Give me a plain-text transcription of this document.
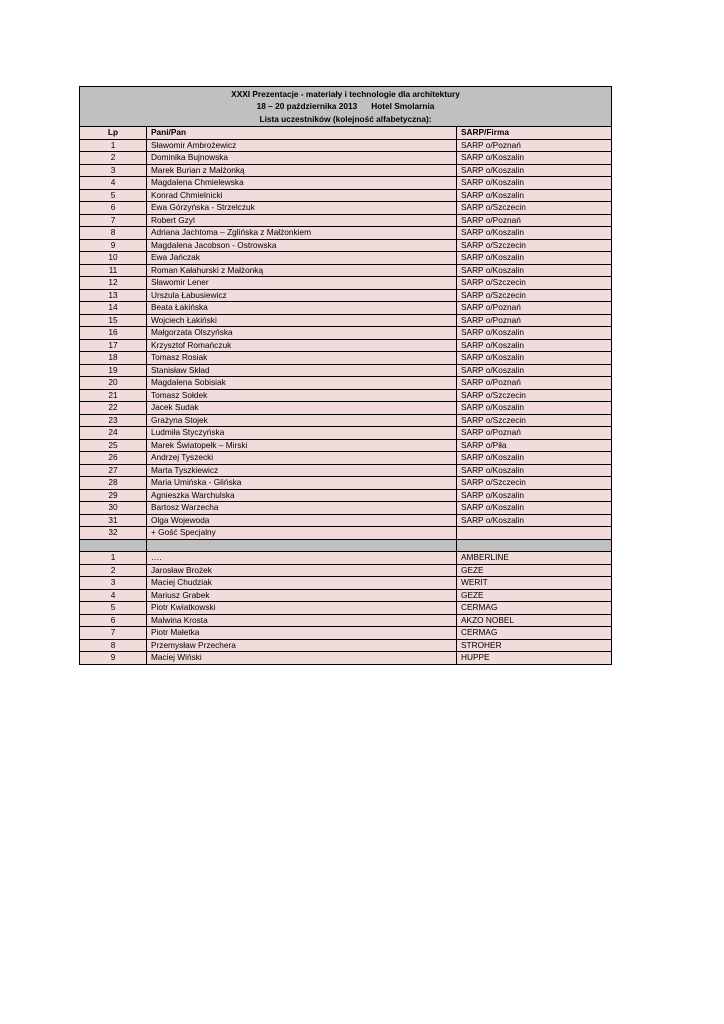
XXXI Prezentacje - materiały i technologie dla architektury
18 – 20 października 2013 Hotel Smolarnia
Lista uczestników (kolejność alfabetyczna):		

Lp	Pani/Pan	SARP/Firma
1	Sławomir Ambrożewicz	SARP o/Poznań
2	Dominika Bujnowska	SARP o/Koszalin
3	Marek Burian z Małżonką	SARP o/Koszalin
4	Magdalena Chmielewska	SARP o/Koszalin
5	Konrad Chmielnicki	SARP o/Koszalin
6	Ewa Górzyńska - Strzelczuk	SARP o/Szczecin
7	Robert Gzyl	SARP o/Poznań
8	Adriana Jachtoma – Zglińska z Małżonkiem	SARP o/Koszalin
9	Magdalena Jacobson - Ostrowska	SARP o/Szczecin
10	Ewa Jańczak	SARP o/Koszalin
11	Roman Kałahurski z Małżonką	SARP o/Koszalin
12	Sławomir Lener	SARP o/Szczecin
13	Urszula Łabusiewicz	SARP o/Szczecin
14	Beata Łakińska	SARP o/Poznań
15	Wojciech Łakiński	SARP o/Poznań
16	Małgorzata Olszyńska	SARP o/Koszalin
17	Krzysztof Romańczuk	SARP o/Koszalin
18	Tomasz Rosiak	SARP o/Koszalin
19	Stanisław Skład	SARP o/Koszalin
20	Magdalena Sobisiak	SARP o/Poznań
21	Tomasz Sołdek	SARP o/Szczecin
22	Jacek Sudak	SARP o/Koszalin
23	Grażyna Stojek	SARP o/Szczecin
24	Ludmiła Styczyńska	SARP o/Poznań
25	Marek Światopełk – Mirski	SARP o/Piła
26	Andrzej Tyszecki	SARP o/Koszalin
27	Marta Tyszkiewicz	SARP o/Koszalin
28	Maria Umińska - Glińska	SARP o/Szczecin
29	Agnieszka Warchulska	SARP o/Koszalin
30	Bartosz Warzecha	SARP o/Koszalin
31	Olga Wojewoda	SARP o/Koszalin
32	+ Gość Specjalny	

1	….	AMBERLINE
2	Jarosław Brożek	GEZE
3	Maciej Chudziak	WERIT
4	Mariusz Grabek	GEZE
5	Piotr Kwiatkowski	CERMAG
6	Malwina Krosta	AKZO NOBEL
7	Piotr Małetka	CERMAG
8	Przemysław Przechera	STROHER
9	Maciej Wiński	HUPPE
